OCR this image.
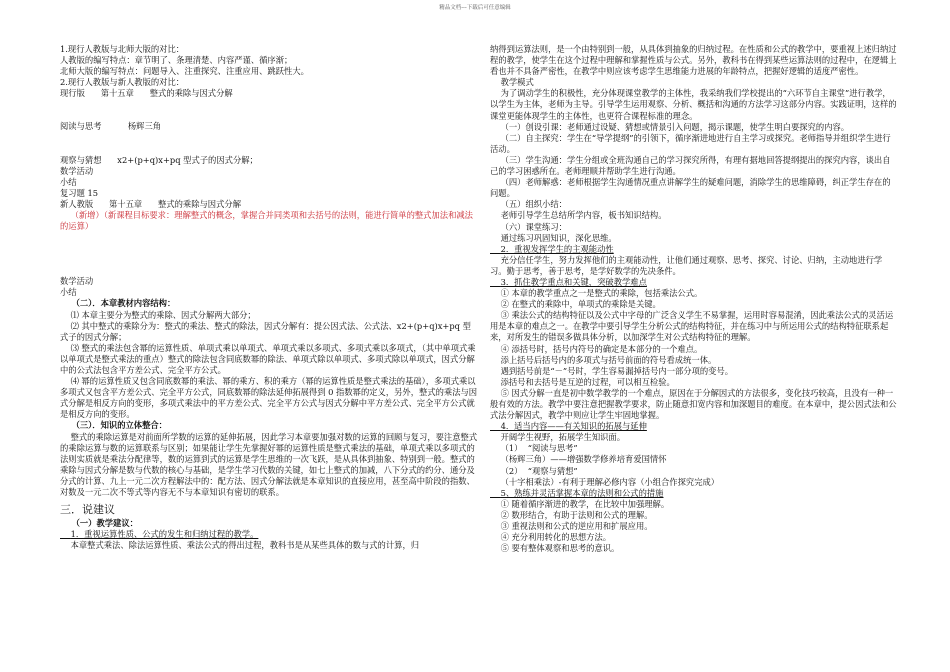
精品文档---下载后可任意编辑

1.现行人教版与北师大版的对比：

人教版的编写特点：章节明了、条理清楚、内容严谨、循序渐；

北师大版的编写特点：问题导入、注重探究、注重应用、跳跃性大。

2.现行人教版与新人教版的对比：

现行版      第十五章      整式的乘除与因式分解

阅读与思考          杨辉三角

观察与猜想      x2+(p+q)x+pq 型式子的因式分解；

数学活动

小结

复习题 15

新人教版      第十五章      整式的乘除与因式分解

（新增）（新课程目标要求：理解整式的概念，掌握合并同类项和去括号的法则，能进行简单的整式加法和减法的运算）

数学活动

小结

（二）．本章教材内容结构：

⑴ 本章主要分为整式的乘除、因式分解两大部分；

⑵ 其中整式的乘除分为：整式的乘法、整式的除法，因式分解有：提公因式法、公式法、x2+(p+q)x+pq 型式子的因式分解；

⑶ 整式的乘法包含幂的运算性质、单项式乘以单项式、单项式乘以多项式、多项式乘以多项式，（其中单项式乘以单项式是整式乘法的重点）整式的除法包含同底数幂的除法、单项式除以单项式、多项式除以单项式，因式分解中的公式法包含平方差公式、完全平方公式。

⑷ 幂的运算性质又包含同底数幂的乘法、幂的乘方、积的乘方（幂的运算性质是整式乘法的基础），多项式乘以多项式又包含平方差公式、完全平方公式，同底数幂的除法延伸拓展得到 0 指数幂的定义，另外，整式的乘法与因式分解是相反方向的变形，多项式乘法中的平方差公式、完全平方公式与因式分解中平方差公式、完全平方公式就是相反方向的变形。

（三）．知识的立体整合：

整式的乘除运算是对前面所学数的运算的延伸拓展，因此学习本章要加强对数的运算的回顾与复习，要注意整式的乘除运算与数的运算联系与区别；如果能让学生先掌握好幂的运算性质是整式乘法的基础，单项式乘以多项式的法则实质就是乘法分配律等，数的运算到式的运算是学生思维的一次飞跃，是从具体到抽象、特别到一般。整式的乘除与因式分解是数与代数的核心与基础，是学生学习代数的关键，如七上整式的加减，八下分式的约分、通分及分式的计算、九上一元二次方程解法中的：配方法、因式分解法就是本章知识的直接应用，甚至高中阶段的指数、对数及一元二次不等式等内容无不与本章知识有密切的联系。

三．说建议

（一）教学建议：

1．重视运算性质、公式的发生和归纳过程的教学。

本章整式乘法、除法运算性质、乘法公式的得出过程，教科书是从某些具体的数与式的计算，归

纳得到运算法则，是一个由特别到一般，从具体到抽象的归纳过程。在性质和公式的教学中，要重视上述归纳过程的教学，使学生在这个过程中理解和掌握性质与公式。另外，教科书在得到某些运算法则的过程中，在逻辑上看也并不具备严密性，在教学中则应该考虑学生思维能力进展的年龄特点，把握好逻辑的适度严密性。

教学模式

为了调动学生的积极性，充分体现课堂教学的主体性，我采纳我们学校提出的“六环节自主课堂”进行教学，以学生为主体，老师为主导。引导学生运用观察、分析、概括和沟通的方法学习这部分内容。实践证明，这样的课堂更能体现学生的主体性，也更符合课程标准的理念。

（一）创设引课：老师通过设疑、猜想或情景引入问题，揭示课题，使学生明白要探究的内容。

（二）自主探究：学生在“导学提纲”的引领下，循序渐进地进行自主学习或探究。老师指导并组织学生进行活动。

（三）学生沟通：学生分组或全班沟通自己的学习探究所得，有理有据地回答提纲提出的探究内容，谈出自己的学习困惑所在。老师理顺并帮助学生进行沟通。

（四）老师解惑：老师根据学生沟通情况重点讲解学生的疑难问题，消除学生的思维障碍，纠正学生存在的问题。

（五）组织小结：

老师引导学生总结所学内容，板书知识结构。

（六）课堂练习：

通过练习巩固知识，深化思维。

2．重视发挥学生的主观能动性

充分信任学生，努力发挥他们的主观能动性，让他们通过观察、思考、探究、讨论、归纳，主动地进行学习。勤于思考，善于思考，是学好数学的先决条件。

3．抓住教学重点和关键，突破教学难点

① 本章的教学重点之一是整式的乘除，包括乘法公式。

② 在整式的乘除中，单项式的乘除是关键。

③ 乘法公式的结构特征以及公式中字母的广泛含义学生不易掌握，运用时容易混淆，因此乘法公式的灵活运用是本章的难点之一。在教学中要引导学生分析公式的结构特征，并在练习中与所运用公式的结构特征联系起来，对所发生的错误多做具体分析，以加深学生对公式结构特征的理解。

④ 添括号时，括号内符号的确定是本部分的一个难点。

添上括号后括号内的多项式与括号前面的符号看成统一体。

遇到括号前是“－”号时，学生容易漏掉括号内一部分项的变号。

添括号和去括号是互逆的过程，可以相互检验。

⑤ 因式分解一直是初中数学教学的一个难点，原因在于分解因式的方法很多，变化技巧较高，且没有一种一般有效的方法。教学中要注意把握教学要求，防止随意扣宽内容和加深题目的难度。在本章中，提公因式法和公式法分解因式，教学中则应让学生牢固地掌握。

4．适当内容——有关知识的拓展与延伸

开阔学生视野，拓展学生知识面。

（1）  “阅读与思考”

（杨辉三角）——增强数学修养培育爱国情怀

（2）  “观察与猜想”

（十字相乘法）-有利于理解必修内容（小组合作探究完成）

5、熟练并灵活掌握本章的法则和公式的措施

① 随着循序渐进的教学，在比较中加强理解。

② 数形结合，有助于法则和公式的理解。

③ 重视法则和公式的逆应用和扩展应用。

④ 充分利用转化的思想方法。

⑤ 要有整体观察和思考的意识。
